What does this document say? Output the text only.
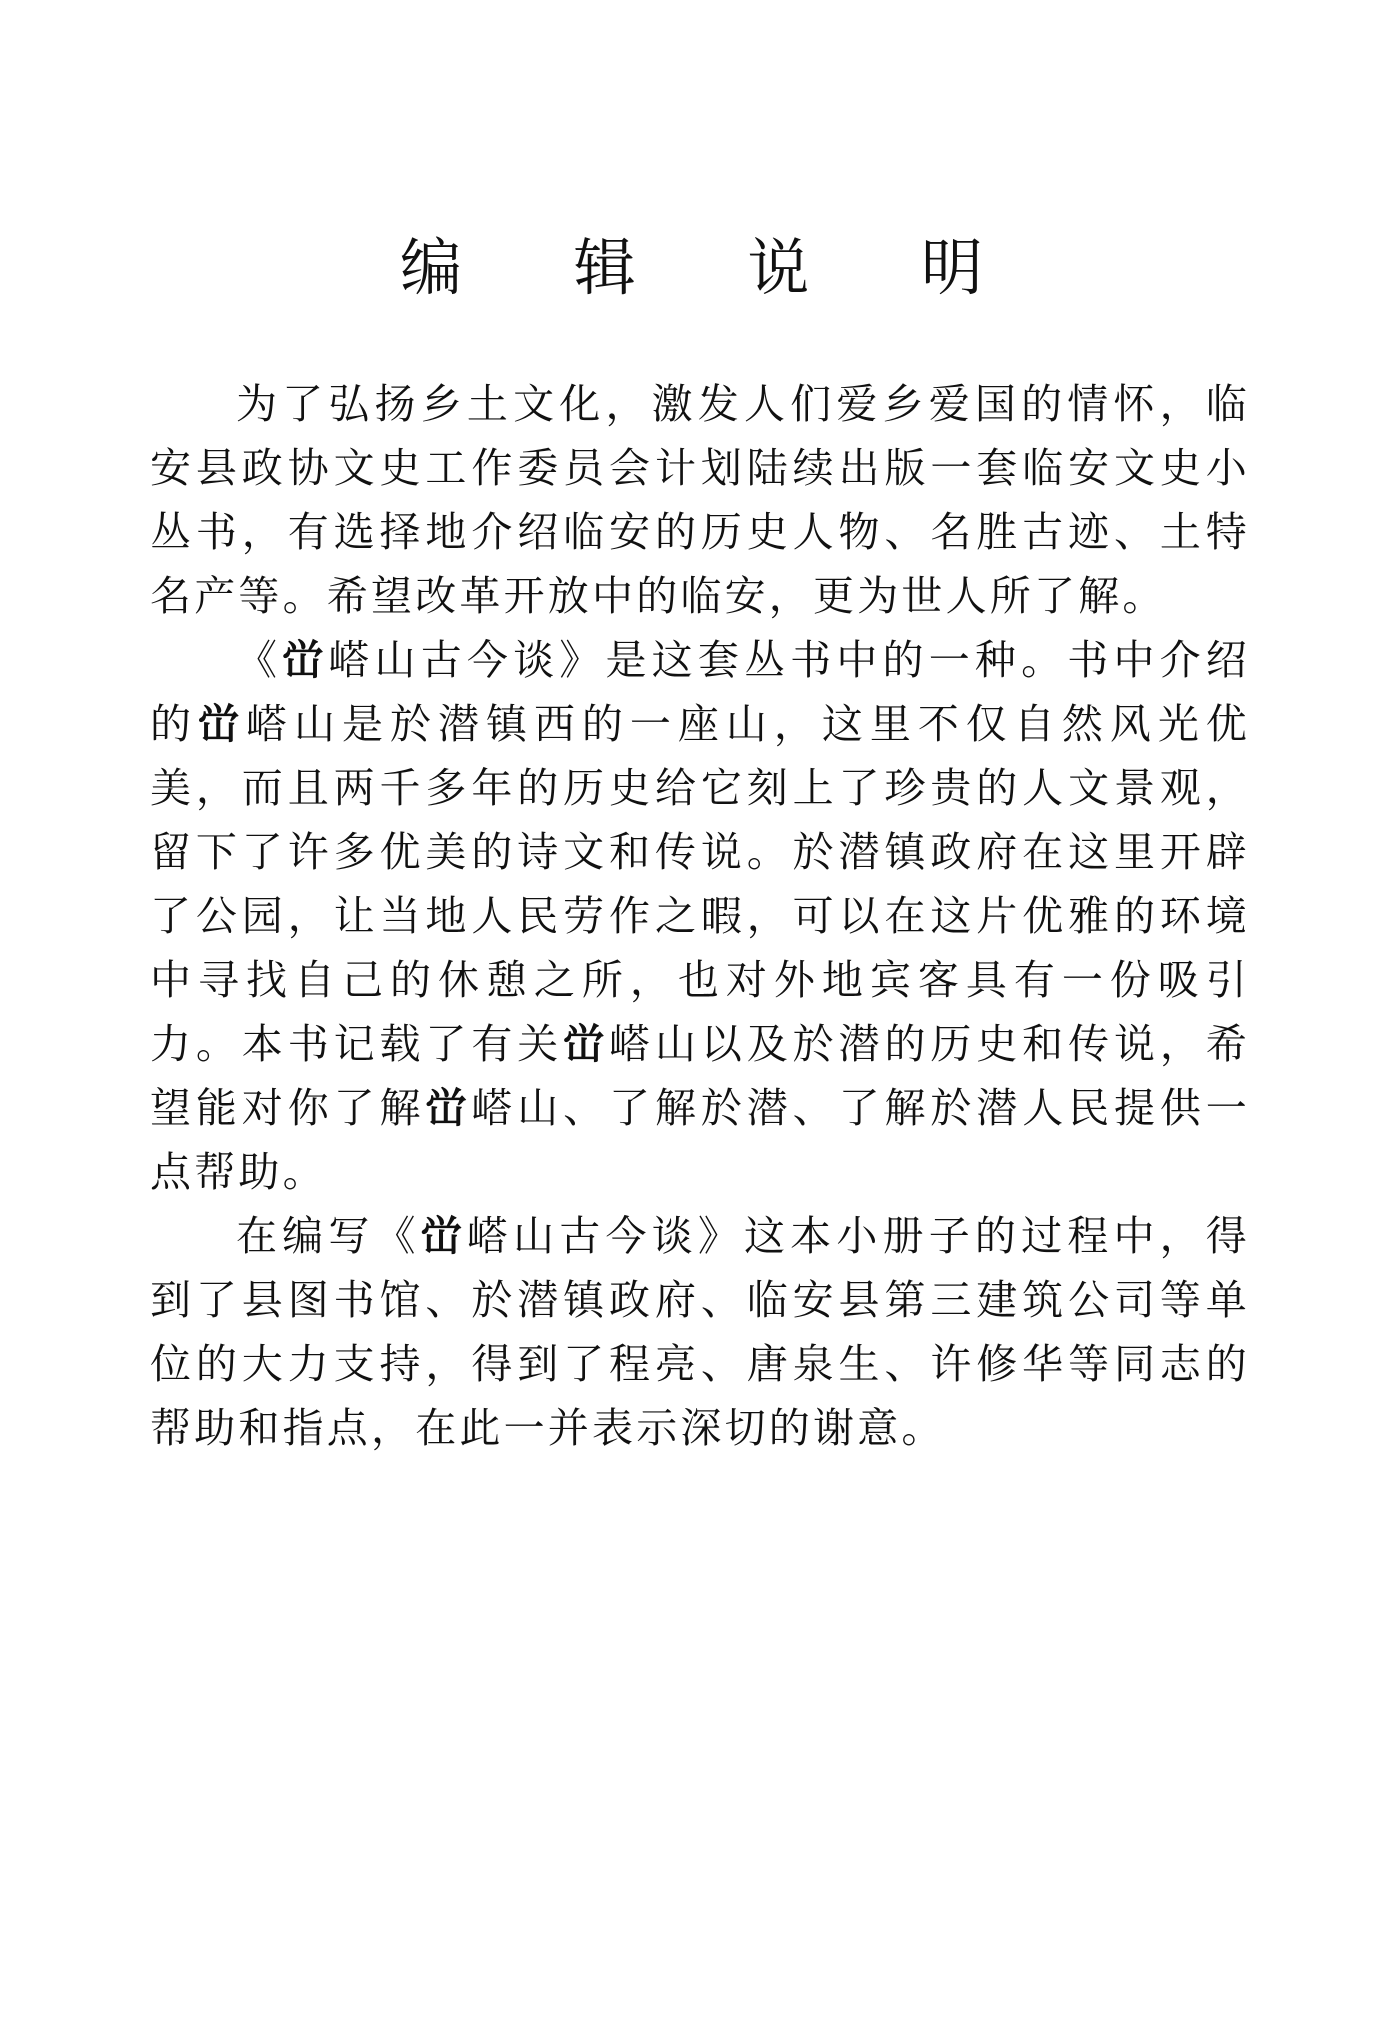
编 辑 说 明

为了弘扬乡土文化，激发人们爱乡爱国的情怀，临安县政协文史工作委员会计划陆续出版一套临安文史小丛书，有选择地介绍临安的历史人物、名胜古迹、土特名产等。希望改革开放中的临安，更为世人所了解。

《峃㟷山古今谈》是这套丛书中的一种。书中介绍的峃㟷山是於潜镇西的一座山，这里不仅自然风光优美，而且两千多年的历史给它刻上了珍贵的人文景观，留下了许多优美的诗文和传说。於潜镇政府在这里开辟了公园，让当地人民劳作之暇，可以在这片优雅的环境中寻找自己的休憩之所，也对外地宾客具有一份吸引力。本书记载了有关峃㟷山以及於潜的历史和传说，希望能对你了解峃㟷山、了解於潜、了解於潜人民提供一点帮助。

在编写《峃㟷山古今谈》这本小册子的过程中，得到了县图书馆、於潜镇政府、临安县第三建筑公司等单位的大力支持，得到了程亮、唐泉生、许修华等同志的帮助和指点，在此一并表示深切的谢意。
